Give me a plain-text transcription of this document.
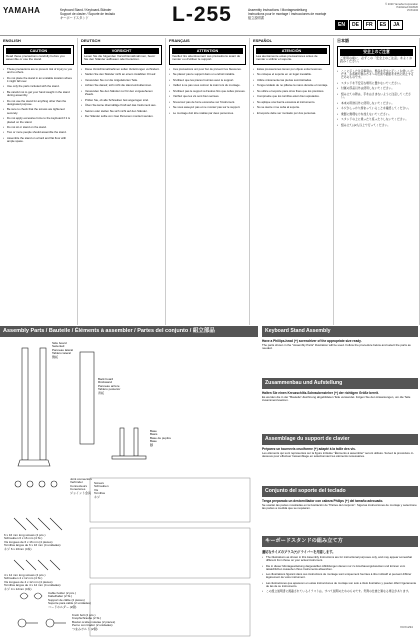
YAMAHA	Keyboard Stand / Keyboard-Ständer
Support de clavier / Soporte de teclado
キーボードスタンド	L-255	Assembly Instructions / Montageanleitung
Instructions pour le montage / Instrucciones de montaje
組立説明書
EN	DE	FR	ES	JA
© 2020 Yamaha Corporation
Published 03/2020
VCX1234
ENGLISH
CAUTION
Read these precautions carefully before you assemble or use the stand.
• These precautions are to prevent risk of injury to you and to others.
• Do not place the stand in an unstable location where it might fall over.
• Use only the parts included with the stand.
• Be careful not to get your hand caught in the stand during assembly.
• Do not use the stand for anything other than the designated purpose.
• Be sure to check that the screws are tightened securely.
• Do not apply excessive force to the keyboard if it is placed on the stand.
• Do not sit or stand on the stand.
• Two or more people should assemble the stand.
• Assemble the stand on a hard and flat floor with ample space.
DEUTSCH
VORSICHT
Lesen Sie die folgenden Vorsichtsmaßnahmen, bevor Sie den Ständer aufbauen oder benutzen.
• Diese Vorsichtsmaßnahmen sollen Verletzungen verhindern.
• Stellen Sie den Ständer nicht an einem instabilen Ort auf.
• Verwenden Sie nur die mitgelieferten Teile.
• Achten Sie darauf, sich nicht die Hand einzuklemmen.
• Verwenden Sie den Ständer nur für den vorgesehenen Zweck.
• Prüfen Sie, ob alle Schrauben fest angezogen sind.
• Üben Sie keine übermäßige Kraft auf das Instrument aus.
• Setzen oder stellen Sie sich nicht auf den Ständer.
• Der Ständer sollte von zwei Personen montiert werden.
FRANÇAIS
ATTENTION
Veuillez lire attentivement ces précautions avant de monter ou d'utiliser le support.
• Ces précautions ont pour but de prévenir les blessures.
• Ne placez pas le support dans un endroit instable.
• N'utilisez que les pièces fournies avec le support.
• Veillez à ne pas vous coincer la main lors du montage.
• N'utilisez pas le support à d'autres fins que celles prévues.
• Vérifiez que les vis sont bien serrées.
• N'exercez pas de force excessive sur l'instrument.
• Ne vous asseyez pas et ne montez pas sur le support.
• Le montage doit être réalisé par deux personnes.
ESPAÑOL
ATENCIÓN
Lea atentamente estas precauciones antes de montar o utilizar el soporte.
• Estas precauciones tienen por objeto evitar lesiones.
• No coloque el soporte en un lugar inestable.
• Utilice únicamente las piezas suministradas.
• Tenga cuidado de no pillarse la mano durante el montaje.
• No utilice el soporte para otros fines que los previstos.
• Compruebe que los tornillos estén bien apretados.
• No aplique una fuerza excesiva al instrumento.
• No se siente ni se suba al soporte.
• El soporte debe ser montado por dos personas.
日本語
安全上のご注意
ご使用の前に、必ずこの「安全上のご注意」をよくお読みください。
• ここに示した注意事項は、製品を安全に正しくお使いいただき、お客様や他の方々への危害や損害を未然に防止するためのものです。
• スタンドを不安定な場所に置かないでください。
• 付属の部品以外は使用しないでください。
• 組み立ての際は、手をはさまないように注意してください。
• 本来の用途以外に使用しないでください。
• ネジがしっかり締まっていることを確認してください。
• 楽器に無理な力を加えないでください。
• スタンドの上に乗ったり座ったりしないでください。
• 組み立ては2人以上で行ってください。
Assembly Parts / Bauteile / Éléments à assembler / Partes del conjunto / 組立部品
Side board
Seitenteil
Panneau latéral
Tablero lateral
側板
Back board
Rückwand
Panneau arrière
Tablero posterior
背板
Base
Basis
Base de pupitre
Base
脚
Joint connectors
Verbinder
Connecteurs
Conectores
ジョイント金具
6 x 16 mm long screws (4 pcs.)
Schrauben 6 x 16 mm (4 St.)
Vis longues de 6 x 16 mm (4 pièces)
Tornillos largos de 6 x 16 mm (4 unidades)
ネジ 6 x 16mm (4本)
4 x 12 mm long screws (4 pcs.)
Schrauben 4 x 12 mm (4 St.)
Vis longues de 4 x 12 mm (4 pièces)
Tornillos largos de 4 x 12 mm (4 unidades)
ネジ 4 x 12mm (4本)
Cable holder (2 pcs.)
Kabelhalter (2 St.)
Support de câble (2 pièces)
Soporte para cable (2 unidades)
コードホルダー (2個)
Knob bolt (2 pcs.)
Knopfschraube (2 St.)
Boulon à tête moletée (2 pièces)
Perno con tirador (2 unidades)
つまみボルト (2個)
Screws
Schrauben
Vis
Tornillos
ネジ
Keyboard Stand Assembly
Have a Phillips-head (+) screwdriver of the appropriate size ready.
The parts shown in the "Assembly Parts" illustration will be used. Follow the procedure below and select the parts as needed.
Zusammenbau und Aufstellung
Halten Sie einen Kreuzschlitz-Schraubenzieher (+) der richtigen Größe bereit.
Es werden die in der "Bauteile"-Zeichnung abgebildeten Teile verwendet. Folgen Sie den Anweisungen, um die Teile zusammenzusetzen.
Assemblage du support de clavier
Préparez un tournevis cruciforme (+) adapté à la taille des vis.
Les éléments qui sont représentés sur la figure intitulée "Éléments à assembler" seront utilisés. Suivez la procédure ci-dessous pour effectuer l'assemblage en sélectionnant les éléments nécessaires.
Conjunto del soporte del teclado
Tenga preparado un destornillador con cabeza Philips (+) del tamaño adecuado.
Se usarán las partes mostradas en la ilustración de "Partes del conjunto". Siga las instrucciones de montaje y seleccione las partes a medida que se requieran.
キーボードスタンドの組み立て方
適切なサイズのプラス(+)ドライバーを用意します。
• The illustrations as shown in this Assembly Instructions are for instructional purposes only, and may appear somewhat different from those on your actual instrument.
• Die in dieser Montageanleitung dargestellten Abbildungen dienen nur zu Anschauungszwecken und können vom tatsächlichen Aussehen Ihres Instruments abweichen.
• Les illustrations figurant dans ces instructions de montage sont uniquement fournies à titre indicatif et peuvent différer légèrement de votre instrument.
• Las ilustraciones que aparecen en estas instrucciones de montaje son solo a título ilustrativo y pueden diferir ligeramente de las de su instrumento.
• この組立説明書に掲載されているイラストは、すべて説明のためのものです。実際の仕様と異なる場合があります。
VCX1234
